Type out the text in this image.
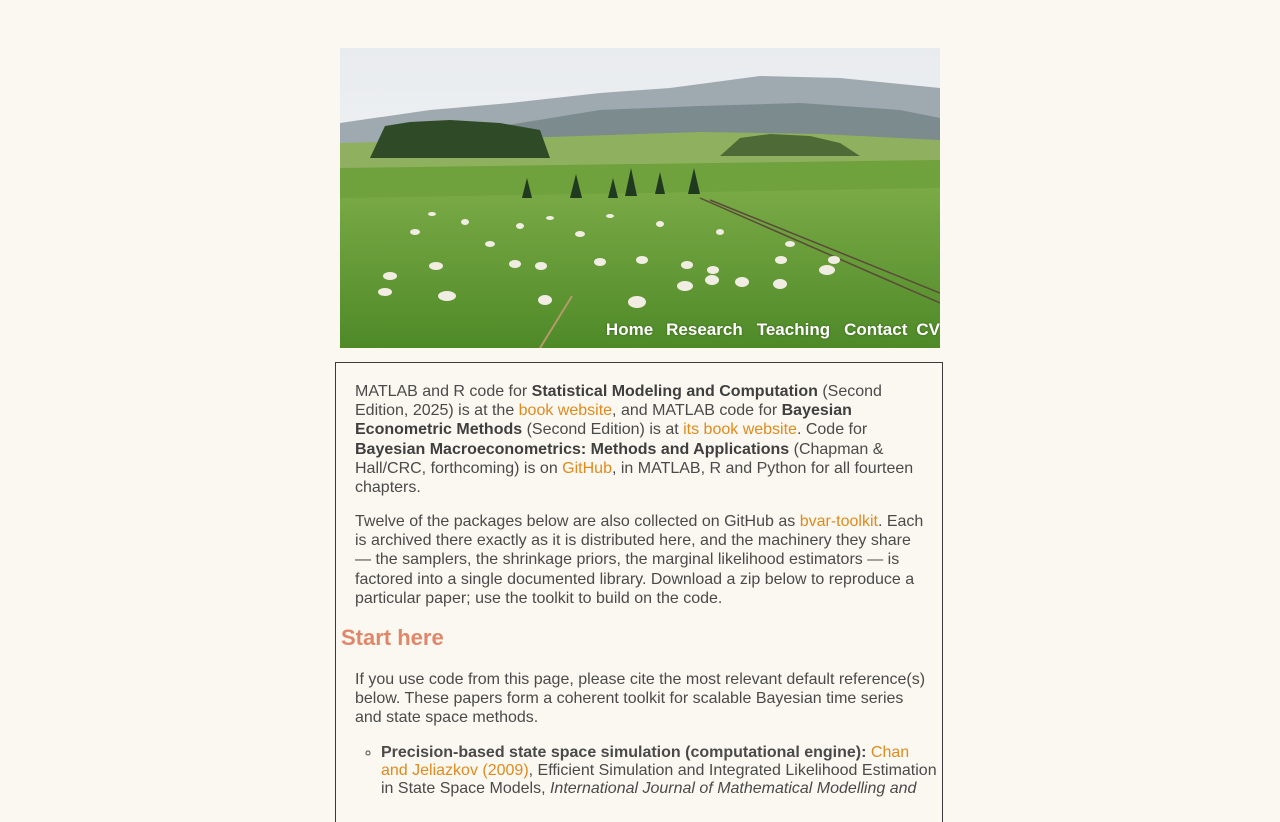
Home Research Teaching Contact CV

MATLAB and R code for Statistical Modeling and Computation (Second Edition, 2025) is at the book website, and MATLAB code for Bayesian Econometric Methods (Second Edition) is at its book website. Code for Bayesian Macroeconometrics: Methods and Applications (Chapman & Hall/CRC, forthcoming) is on GitHub, in MATLAB, R and Python for all fourteen chapters.

Twelve of the packages below are also collected on GitHub as bvar-toolkit. Each is archived there exactly as it is distributed here, and the machinery they share — the samplers, the shrinkage priors, the marginal likelihood estimators — is factored into a single documented library. Download a zip below to reproduce a particular paper; use the toolkit to build on the code.

Start here

If you use code from this page, please cite the most relevant default reference(s) below. These papers form a coherent toolkit for scalable Bayesian time series and state space methods.

◦ Precision-based state space simulation (computational engine): Chan and Jeliazkov (2009), Efficient Simulation and Integrated Likelihood Estimation in State Space Models, International Journal of Mathematical Modelling and
